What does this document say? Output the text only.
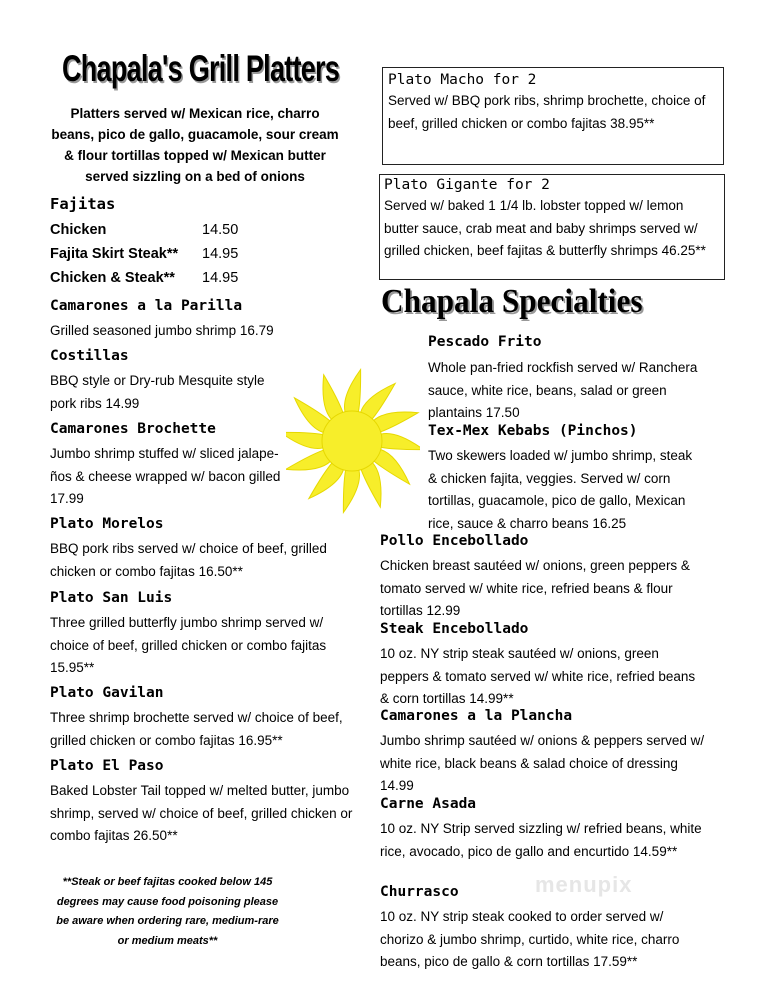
Chapala's Grill Platters
Platters served w/ Mexican rice, charro beans, pico de gallo, guacamole, sour cream & flour tortillas topped w/ Mexican butter served sizzling on a bed of onions
Fajitas
Chicken	14.50
Fajita Skirt Steak** 14.95
Chicken & Steak** 14.95
Camarones a la Parilla
Grilled seasoned jumbo shrimp 16.79
Costillas
BBQ style or Dry-rub Mesquite style pork ribs 14.99
Camarones Brochette
Jumbo shrimp stuffed w/ sliced jalape-ños & cheese wrapped w/ bacon gilled 17.99
Plato Morelos
BBQ pork ribs served w/ choice of beef, grilled chicken or combo fajitas 16.50**
Plato San Luis
Three grilled butterfly jumbo shrimp served w/ choice of beef, grilled chicken or combo fajitas 15.95**
Plato Gavilan
Three shrimp brochette served w/ choice of beef, grilled chicken or combo fajitas 16.95**
Plato El Paso
Baked Lobster Tail topped w/ melted butter, jumbo shrimp, served w/ choice of beef, grilled chicken or combo fajitas 26.50**
**Steak or beef fajitas cooked below 145 degrees may cause food poisoning please be aware when ordering rare, medium-rare or medium meats**
Plato Macho for 2
Served w/ BBQ pork ribs, shrimp brochette, choice of beef, grilled chicken or combo fajitas 38.95**
Plato Gigante for 2
Served w/ baked 1 1/4 lb. lobster topped w/ lemon butter sauce, crab meat and baby shrimps served w/ grilled chicken, beef fajitas & butterfly shrimps 46.25**
Chapala Specialties
Pescado Frito
Whole pan-fried rockfish served w/ Ranchera sauce, white rice, beans, salad or green plantains 17.50
Tex-Mex Kebabs (Pinchos)
Two skewers loaded w/ jumbo shrimp, steak & chicken fajita, veggies. Served w/ corn tortillas, guacamole, pico de gallo, Mexican rice, sauce & charro beans 16.25
Pollo Encebollado
Chicken breast sautéed w/ onions, green peppers & tomato served w/ white rice, refried beans & flour tortillas 12.99
Steak Encebollado
10 oz. NY strip steak sautéed w/ onions, green peppers & tomato served w/ white rice, refried beans & corn tortillas 14.99**
Camarones a la Plancha
Jumbo shrimp sautéed w/ onions & peppers served w/ white rice, black beans & salad choice of dressing 14.99
Carne Asada
10 oz. NY Strip served sizzling w/ refried beans, white rice, avocado, pico de gallo and encurtido 14.59**
Churrasco
10 oz. NY strip steak cooked to order served w/ chorizo & jumbo shrimp, curtido, white rice, charro beans, pico de gallo & corn tortillas 17.59**
menupix
